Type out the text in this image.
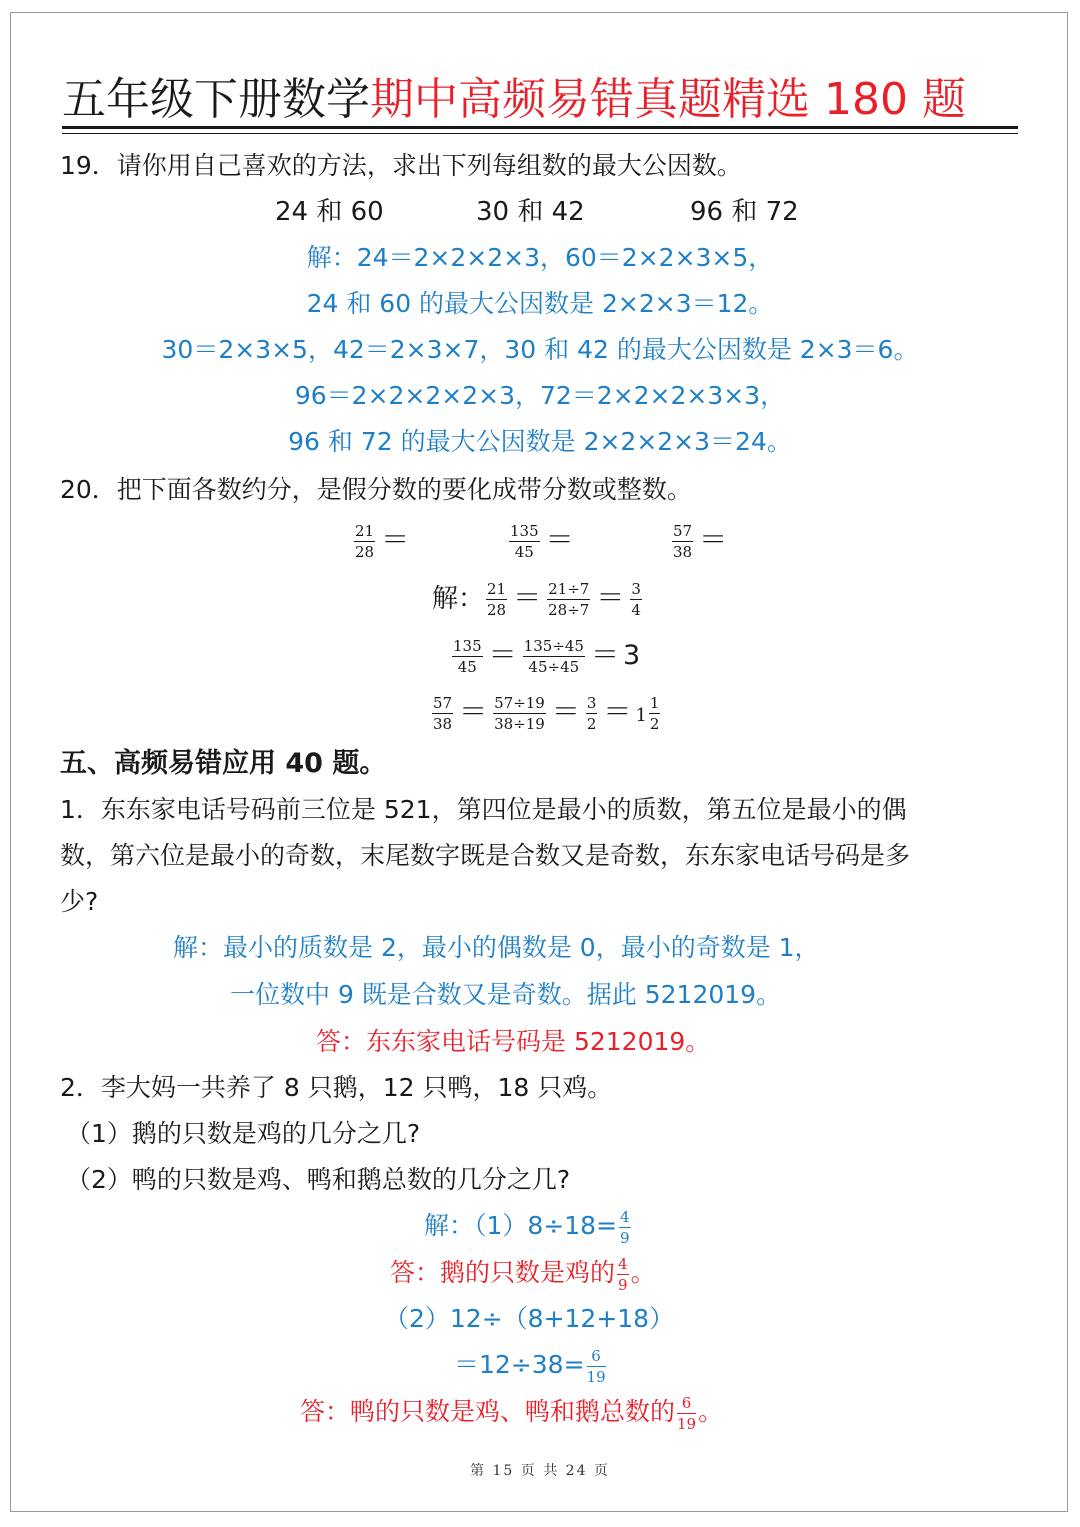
五年级下册数学期中高频易错真题精选 180 题
19．请你用自己喜欢的方法，求出下列每组数的最大公因数。
24 和 60	30 和 42	96 和 72
解：24＝2×2×2×3，60＝2×2×3×5，
24 和 60 的最大公因数是 2×2×3＝12。
30＝2×3×5，42＝2×3×7，30 和 42 的最大公因数是 2×3＝6。
96＝2×2×2×2×3，72＝2×2×2×3×3，
96 和 72 的最大公因数是 2×2×2×3＝24。
20．把下面各数约分，是假分数的要化成带分数或整数。
$\frac{21}{28}$ ＝	$\frac{135}{45}$ ＝	$\frac{57}{38}$ ＝
解： $\frac{21}{28} = \frac{21\div 7}{28\div 7} = \frac{3}{4}$
$\frac{135}{45} = \frac{135\div 45}{45\div 45} = 3$
$\frac{57}{38} = \frac{57\div 19}{38\div 19} = \frac{3}{2} = 1 \frac{1}{2}$
五、高频易错应用 40 题。
1．东东家电话号码前三位是 521，第四位是最小的质数，第五位是最小的偶
数，第六位是最小的奇数，末尾数字既是合数又是奇数，东东家电话号码是多
少?
解：最小的质数是 2，最小的偶数是 0，最小的奇数是 1，
一位数中 9 既是合数又是奇数。据此 5212019。
答：东东家电话号码是 5212019。
2．李大妈一共养了 8 只鹅，12 只鸭，18 只鸡。
（1）鹅的只数是鸡的几分之几?
（2）鸭的只数是鸡、鸭和鹅总数的几分之几?
解：$(1)8\div 18= \frac{4}{9}$
答：鹅的只数是鸡的 $\frac{4}{9}$ 。
（2）12÷（8+12+18）
$=12\div 38= \frac{6}{19}$
答：鸭的只数是鸡、鸭和鹅总数的 $\frac{6}{19}$ 。
第 15 页 共 24 页
